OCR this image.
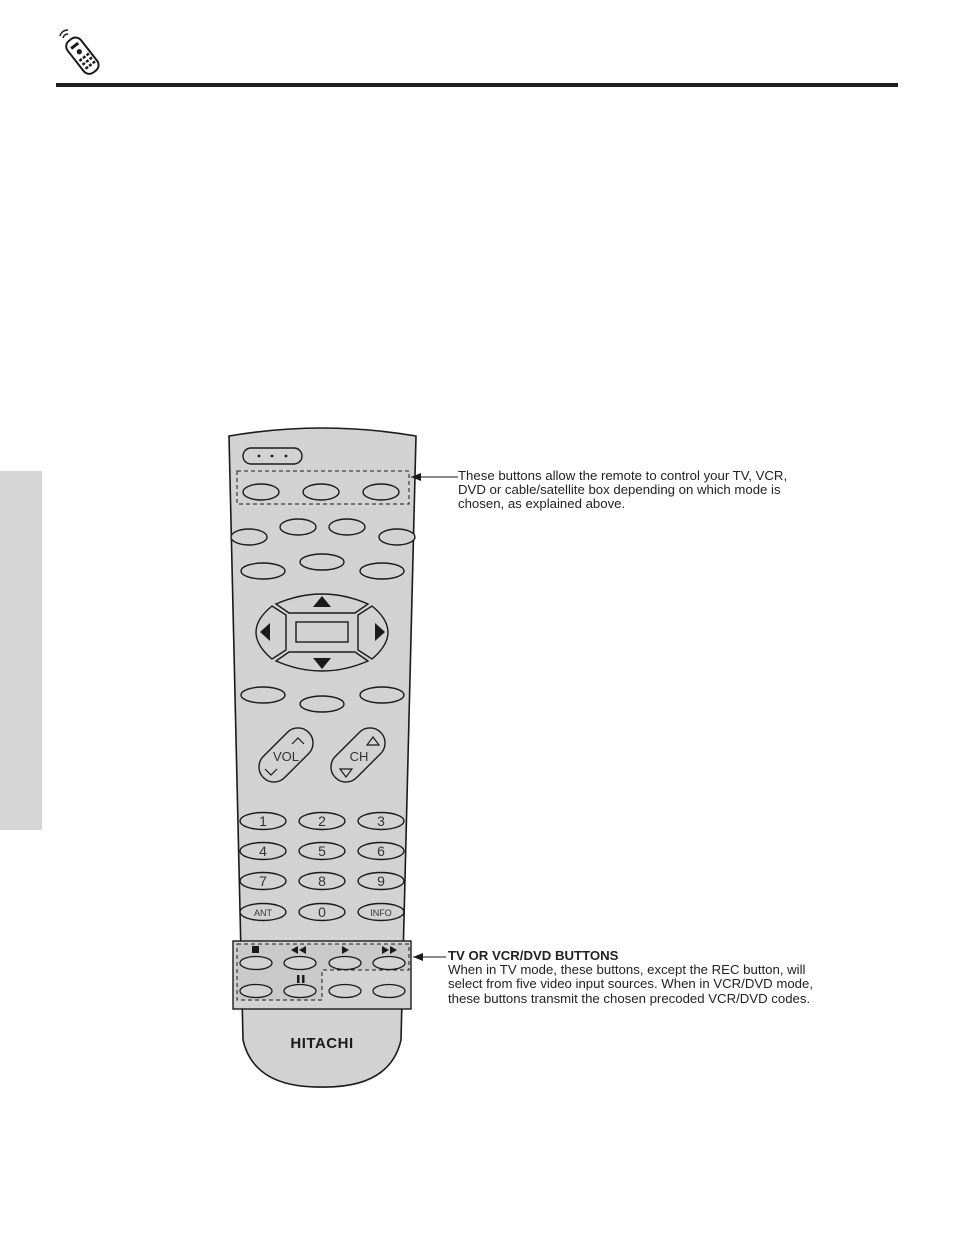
VOL	CH
1	2	3
4	5	6
7	8	9
ANT	0	INFO
HITACHI
These buttons allow the remote to control your TV, VCR, DVD or cable/satellite box depending on which mode is chosen, as explained above.
TV OR VCR/DVD BUTTONS
When in TV mode, these buttons, except the REC button, will select from five video input sources. When in VCR/DVD mode, these buttons transmit the chosen precoded VCR/DVD codes.
